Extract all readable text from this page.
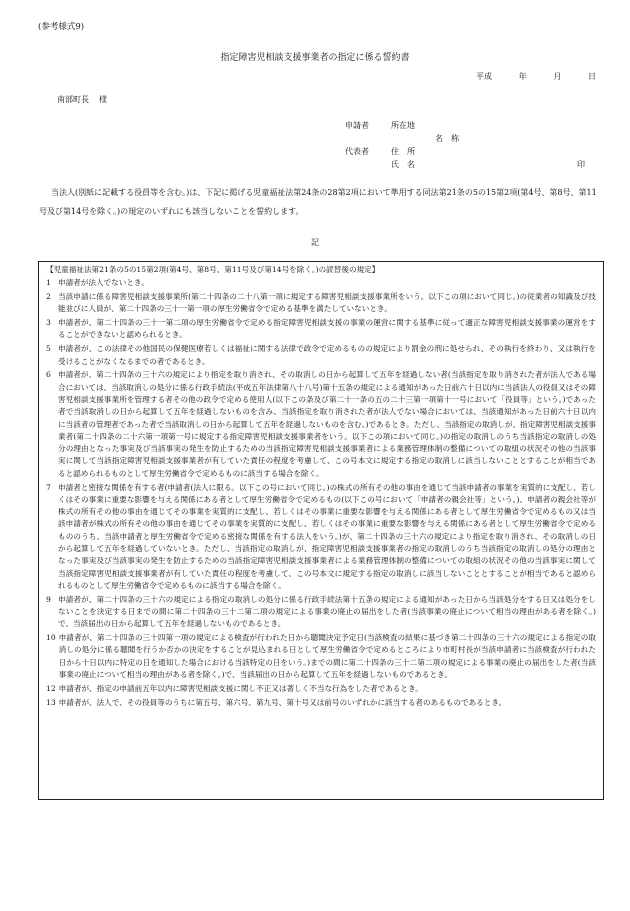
(参考様式9)
指定障害児相談支援事業者の指定に係る誓約書
平成	年	月	日
南部町長 様
申請者	所在地
名　称
代表者	住　所
氏　名	印
当法人(別紙に記載する役員等を含む。)は、下記に掲げる児童福祉法第24条の28第2項において準用する同法第21条の5の15第2項(第4号、第8号、第11号及び第14号を除く。)の規定のいずれにも該当しないことを誓約します。
記
【児童福祉法第21条の5の15第2項(第4号、第8号、第11号及び第14号を除く。)の読替後の規定】
1 申請者が法人でないとき。
2 当該申請に係る障害児相談支援事業所(第二十四条の二十八第一項に規定する障害児相談支援事業所をいう。以下この項において同じ。)の従業者の知識及び技能並びに人員が、第二十四条の三十一第一項の厚生労働省令で定める基準を満たしていないとき。
3 申請者が、第二十四条の三十一第二項の厚生労働省令で定める指定障害児相談支援の事業の運営に関する基準に従って適正な障害児相談支援事業の運営をすることができないと認められるとき。
5 申請者が、この法律その他国民の保健医療若しくは福祉に関する法律で政令で定めるものの規定により罰金の刑に処せられ、その執行を終わり、又は執行を受けることがなくなるまでの者であるとき。
6 申請者が、第二十四条の三十六の規定により指定を取り消され、その取消しの日から起算して五年を経過しない者(当該指定を取り消された者が法人である場合においては、当該取消しの処分に係る行政手続法(平成五年法律第八十八号)第十五条の規定による通知があった日前六十日以内に当該法人の役員又はその障害児相談支援事業所を管理する者その他の政令で定める使用人(以下この条及び第二十一条の五の二十三第一項第十一号において「役員等」という。)であった者で当該取消しの日から起算して五年を経過しないものを含み、当該指定を取り消された者が法人でない場合においては、当該通知があった日前六十日以内に当該者の管理者であった者で当該取消しの日から起算して五年を経過しないものを含む。)であるとき。ただし、当該指定の取消しが、指定障害児相談支援事業者(第二十四条の二十六第一項第一号に規定する指定障害児相談支援事業者をいう。以下この項において同じ。)の指定の取消しのうち当該指定の取消しの処分の理由となった事実及び当該事実の発生を防止するための当該指定障害児相談支援事業者による業務管理体制の整備についての取組の状況その他の当該事実に関して当該指定障害児相談支援事業者が有していた責任の程度を考慮して、この号本文に規定する指定の取消しに該当しないこととすることが相当であると認められるものとして厚生労働省令で定めるものに該当する場合を除く。
7 申請者と密接な関係を有する者(申請者(法人に限る。以下この号において同じ。)の株式の所有その他の事由を通じて当該申請者の事業を実質的に支配し、若しくはその事業に重要な影響を与える関係にある者として厚生労働省令で定めるもの(以下この号において「申請者の親会社等」という。)、申請者の親会社等が株式の所有その他の事由を通じてその事業を実質的に支配し、若しくはその事業に重要な影響を与える関係にある者として厚生労働省令で定めるもの又は当該申請者が株式の所有その他の事由を通じてその事業を実質的に支配し、若しくはその事業に重要な影響を与える関係にある者として厚生労働省令で定めるもののうち、当該申請者と厚生労働省令で定める密接な関係を有する法人をいう。)が、第二十四条の三十六の規定により指定を取り消され、その取消しの日から起算して五年を経過していないとき。ただし、当該指定の取消しが、指定障害児相談支援事業者の指定の取消しのうち当該指定の取消しの処分の理由となった事実及び当該事実の発生を防止するための当該指定障害児相談支援事業者による業務管理体制の整備についての取組の状況その他の当該事実に関して当該指定障害児相談支援事業者が有していた責任の程度を考慮して、この号本文に規定する指定の取消しに該当しないこととすることが相当であると認められるものとして厚生労働省令で定めるものに該当する場合を除く。
9 申請者が、第二十四条の三十六の規定による指定の取消しの処分に係る行政手続法第十五条の規定による通知があった日から当該処分をする日又は処分をしないことを決定する日までの間に第二十四条の三十二第二項の規定による事業の廃止の届出をした者(当該事業の廃止について相当の理由がある者を除く。)で、当該届出の日から起算して五年を経過しないものであるとき。
10 申請者が、第二十四条の三十四第一項の規定による検査が行われた日から聴聞決定予定日(当該検査の結果に基づき第二十四条の三十六の規定による指定の取消しの処分に係る聴聞を行うか否かの決定をすることが見込まれる日として厚生労働省令で定めるところにより市町村長が当該申請者に当該検査が行われた日から十日以内に特定の日を通知した場合における当該特定の日をいう。)までの間に第二十四条の三十二第二項の規定による事業の廃止の届出をした者(当該事業の廃止について相当の理由がある者を除く。)で、当該届出の日から起算して五年を経過しないものであるとき。
12 申請者が、指定の申請前五年以内に障害児相談支援に関し不正又は著しく不当な行為をした者であるとき。
13 申請者が、法人で、その役員等のうちに第五号、第六号、第九号、第十号又は前号のいずれかに該当する者のあるものであるとき。
